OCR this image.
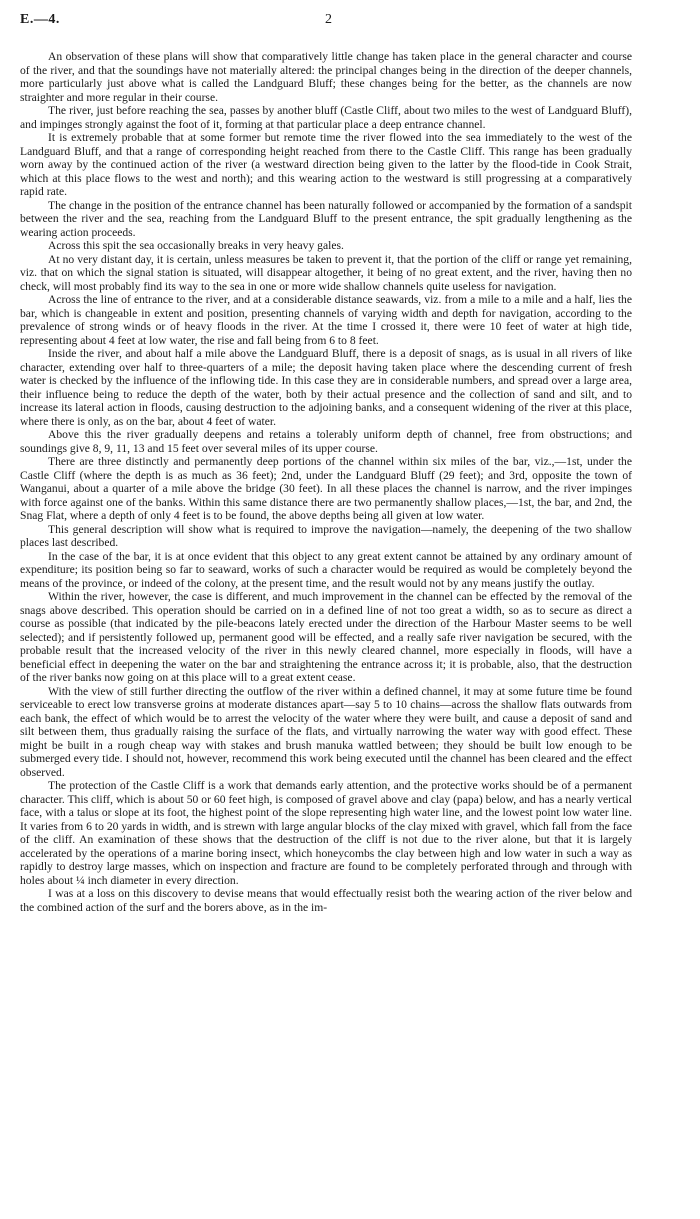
E.—4.	2

An observation of these plans will show that comparatively little change has taken place in the general character and course of the river, and that the soundings have not materially altered: the principal changes being in the direction of the deeper channels, more particularly just above what is called the Landguard Bluff; these changes being for the better, as the channels are now straighter and more regular in their course.

The river, just before reaching the sea, passes by another bluff (Castle Cliff, about two miles to the west of Landguard Bluff), and impinges strongly against the foot of it, forming at that particular place a deep entrance channel.

It is extremely probable that at some former but remote time the river flowed into the sea immediately to the west of the Landguard Bluff, and that a range of corresponding height reached from there to the Castle Cliff. This range has been gradually worn away by the continued action of the river (a westward direction being given to the latter by the flood-tide in Cook Strait, which at this place flows to the west and north); and this wearing action to the westward is still progressing at a comparatively rapid rate.

The change in the position of the entrance channel has been naturally followed or accompanied by the formation of a sandspit between the river and the sea, reaching from the Landguard Bluff to the present entrance, the spit gradually lengthening as the wearing action proceeds.

Across this spit the sea occasionally breaks in very heavy gales.

At no very distant day, it is certain, unless measures be taken to prevent it, that the portion of the cliff or range yet remaining, viz. that on which the signal station is situated, will disappear altogether, it being of no great extent, and the river, having then no check, will most probably find its way to the sea in one or more wide shallow channels quite useless for navigation.

Across the line of entrance to the river, and at a considerable distance seawards, viz. from a mile to a mile and a half, lies the bar, which is changeable in extent and position, presenting channels of varying width and depth for navigation, according to the prevalence of strong winds or of heavy floods in the river. At the time I crossed it, there were 10 feet of water at high tide, representing about 4 feet at low water, the rise and fall being from 6 to 8 feet.

Inside the river, and about half a mile above the Landguard Bluff, there is a deposit of snags, as is usual in all rivers of like character, extending over half to three-quarters of a mile; the deposit having taken place where the descending current of fresh water is checked by the influence of the inflowing tide. In this case they are in considerable numbers, and spread over a large area, their influence being to reduce the depth of the water, both by their actual presence and the collection of sand and silt, and to increase its lateral action in floods, causing destruction to the adjoining banks, and a consequent widening of the river at this place, where there is only, as on the bar, about 4 feet of water.

Above this the river gradually deepens and retains a tolerably uniform depth of channel, free from obstructions; and soundings give 8, 9, 11, 13 and 15 feet over several miles of its upper course.

There are three distinctly and permanently deep portions of the channel within six miles of the bar, viz.,—1st, under the Castle Cliff (where the depth is as much as 36 feet); 2nd, under the Landguard Bluff (29 feet); and 3rd, opposite the town of Wanganui, about a quarter of a mile above the bridge (30 feet). In all these places the channel is narrow, and the river impinges with force against one of the banks. Within this same distance there are two permanently shallow places,—1st, the bar, and 2nd, the Snag Flat, where a depth of only 4 feet is to be found, the above depths being all given at low water.

This general description will show what is required to improve the navigation—namely, the deepening of the two shallow places last described.

In the case of the bar, it is at once evident that this object to any great extent cannot be attained by any ordinary amount of expenditure; its position being so far to seaward, works of such a character would be required as would be completely beyond the means of the province, or indeed of the colony, at the present time, and the result would not by any means justify the outlay.

Within the river, however, the case is different, and much improvement in the channel can be effected by the removal of the snags above described. This operation should be carried on in a defined line of not too great a width, so as to secure as direct a course as possible (that indicated by the pile-beacons lately erected under the direction of the Harbour Master seems to be well selected); and if persistently followed up, permanent good will be effected, and a really safe river navigation be secured, with the probable result that the increased velocity of the river in this newly cleared channel, more especially in floods, will have a beneficial effect in deepening the water on the bar and straightening the entrance across it; it is probable, also, that the destruction of the river banks now going on at this place will to a great extent cease.

With the view of still further directing the outflow of the river within a defined channel, it may at some future time be found serviceable to erect low transverse groins at moderate distances apart—say 5 to 10 chains—across the shallow flats outwards from each bank, the effect of which would be to arrest the velocity of the water where they were built, and cause a deposit of sand and silt between them, thus gradually raising the surface of the flats, and virtually narrowing the water way with good effect. These might be built in a rough cheap way with stakes and brush manuka wattled between; they should be built low enough to be submerged every tide. I should not, however, recommend this work being executed until the channel has been cleared and the effect observed.

The protection of the Castle Cliff is a work that demands early attention, and the protective works should be of a permanent character. This cliff, which is about 50 or 60 feet high, is composed of gravel above and clay (papa) below, and has a nearly vertical face, with a talus or slope at its foot, the highest point of the slope representing high water line, and the lowest point low water line. It varies from 6 to 20 yards in width, and is strewn with large angular blocks of the clay mixed with gravel, which fall from the face of the cliff. An examination of these shows that the destruction of the cliff is not due to the river alone, but that it is largely accelerated by the operations of a marine boring insect, which honeycombs the clay between high and low water in such a way as rapidly to destroy large masses, which on inspection and fracture are found to be completely perforated through and through with holes about ¼ inch diameter in every direction.

I was at a loss on this discovery to devise means that would effectually resist both the wearing action of the river below and the combined action of the surf and the borers above, as in the im-
